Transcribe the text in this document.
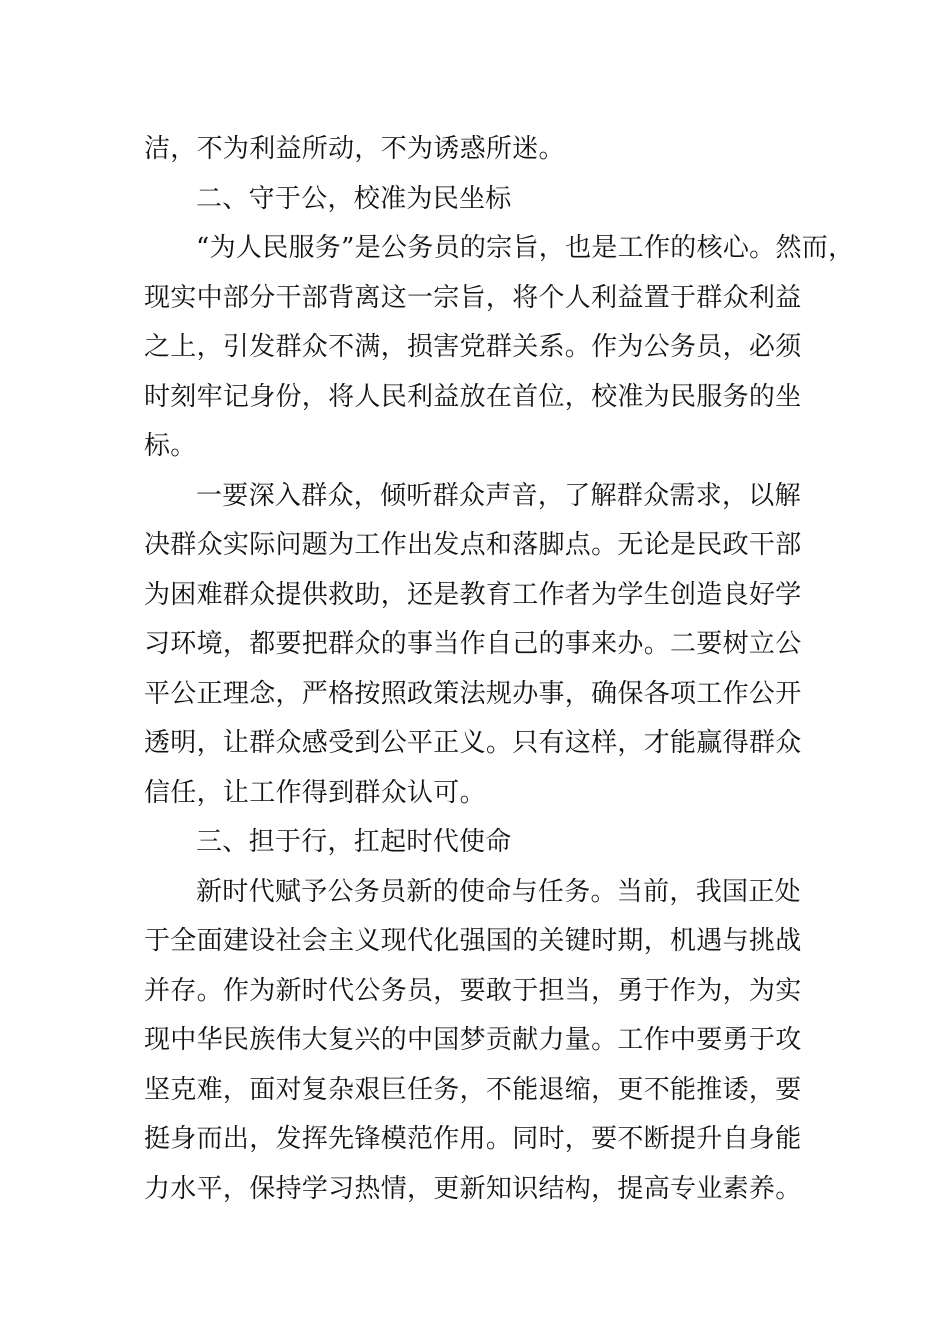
洁，不为利益所动，不为诱惑所迷。
二、守于公，校准为民坐标
“为人民服务”是公务员的宗旨，也是工作的核心。然而，
现实中部分干部背离这一宗旨，将个人利益置于群众利益
之上，引发群众不满，损害党群关系。作为公务员，必须
时刻牢记身份，将人民利益放在首位，校准为民服务的坐
标。
一要深入群众，倾听群众声音，了解群众需求，以解
决群众实际问题为工作出发点和落脚点。无论是民政干部
为困难群众提供救助，还是教育工作者为学生创造良好学
习环境，都要把群众的事当作自己的事来办。二要树立公
平公正理念，严格按照政策法规办事，确保各项工作公开
透明，让群众感受到公平正义。只有这样，才能赢得群众
信任，让工作得到群众认可。
三、担于行，扛起时代使命
新时代赋予公务员新的使命与任务。当前，我国正处
于全面建设社会主义现代化强国的关键时期，机遇与挑战
并存。作为新时代公务员，要敢于担当，勇于作为，为实
现中华民族伟大复兴的中国梦贡献力量。工作中要勇于攻
坚克难，面对复杂艰巨任务，不能退缩，更不能推诿，要
挺身而出，发挥先锋模范作用。同时，要不断提升自身能
力水平，保持学习热情，更新知识结构，提高专业素养。
